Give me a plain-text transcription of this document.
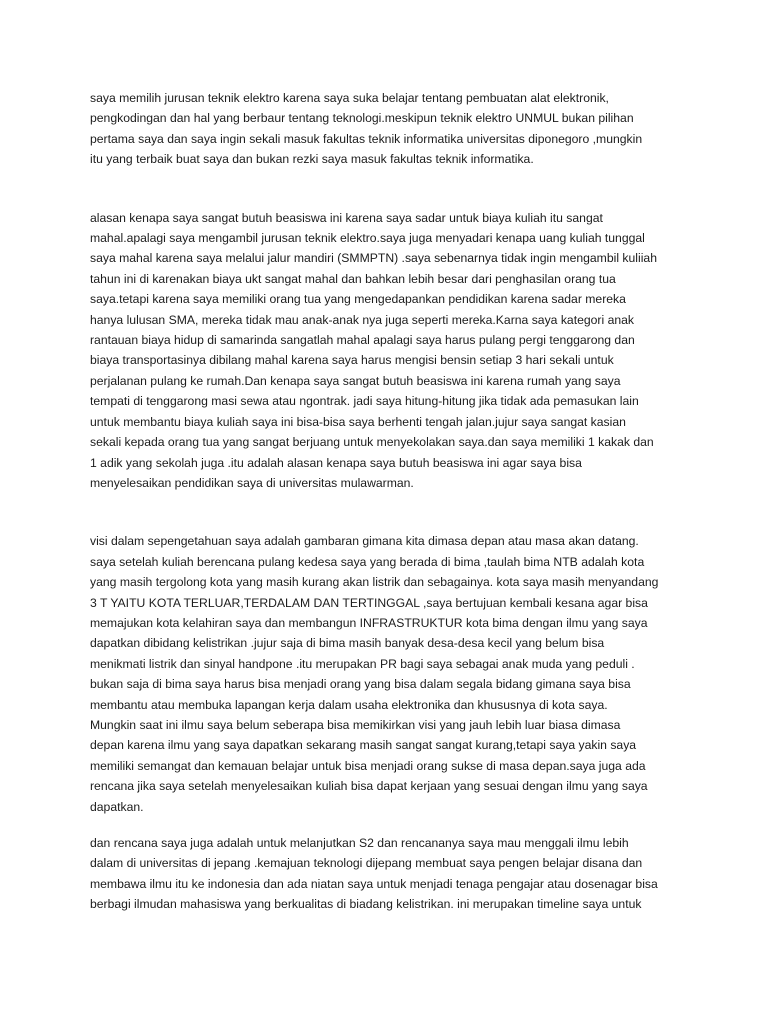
saya memilih jurusan teknik elektro karena saya suka belajar tentang pembuatan alat elektronik,
pengkodingan dan hal yang berbaur tentang teknologi.meskipun teknik elektro UNMUL bukan pilihan
pertama saya dan saya ingin sekali masuk fakultas teknik informatika universitas diponegoro ,mungkin
itu yang terbaik buat saya dan bukan rezki saya masuk fakultas teknik informatika.
alasan kenapa saya sangat butuh beasiswa ini karena saya sadar untuk biaya kuliah itu sangat
mahal.apalagi saya mengambil jurusan teknik elektro.saya juga menyadari kenapa uang kuliah tunggal
saya mahal karena saya melalui jalur mandiri (SMMPTN) .saya sebenarnya tidak ingin mengambil kuliiah
tahun ini di karenakan biaya ukt sangat mahal dan bahkan lebih besar dari penghasilan orang tua
saya.tetapi karena saya memiliki orang tua yang mengedapankan pendidikan karena sadar mereka
hanya lulusan SMA, mereka tidak mau anak-anak nya juga seperti mereka.Karna saya kategori anak
rantauan biaya hidup di samarinda sangatlah mahal apalagi saya harus pulang pergi tenggarong dan
biaya transportasinya dibilang mahal karena saya harus mengisi bensin setiap 3 hari sekali untuk
perjalanan pulang ke rumah.Dan kenapa saya sangat butuh beasiswa ini karena rumah yang saya
tempati di tenggarong masi sewa atau ngontrak. jadi saya hitung-hitung jika tidak ada pemasukan lain
untuk membantu biaya kuliah saya ini bisa-bisa saya berhenti tengah jalan.jujur saya sangat kasian
sekali kepada orang tua yang sangat berjuang untuk menyekolakan saya.dan saya memiliki 1 kakak dan
1 adik yang sekolah juga .itu adalah alasan kenapa saya butuh beasiswa ini agar saya bisa
menyelesaikan pendidikan saya di universitas mulawarman.
visi dalam sepengetahuan saya adalah gambaran gimana kita dimasa depan atau masa akan datang.
saya setelah kuliah berencana pulang kedesa saya yang berada di bima ,taulah bima NTB adalah kota
yang masih tergolong kota yang masih kurang akan listrik dan sebagainya. kota saya masih menyandang
3 T YAITU KOTA TERLUAR,TERDALAM DAN TERTINGGAL ,saya bertujuan kembali kesana agar bisa
memajukan kota kelahiran saya dan membangun INFRASTRUKTUR kota bima dengan ilmu yang saya
dapatkan dibidang kelistrikan .jujur saja di bima masih banyak desa-desa kecil yang belum bisa
menikmati listrik dan sinyal handpone .itu merupakan PR bagi saya sebagai anak muda yang peduli .
bukan saja di bima saya harus bisa menjadi orang yang bisa dalam segala bidang gimana saya bisa
membantu atau membuka lapangan kerja dalam usaha elektronika dan khususnya di kota saya.
Mungkin saat ini ilmu saya belum seberapa bisa memikirkan visi yang jauh lebih luar biasa dimasa
depan karena ilmu yang saya dapatkan sekarang masih sangat sangat kurang,tetapi saya yakin saya
memiliki semangat dan kemauan belajar untuk bisa menjadi orang sukse di masa depan.saya juga ada
rencana jika saya setelah menyelesaikan kuliah bisa dapat kerjaan yang sesuai dengan ilmu yang saya
dapatkan.
dan rencana saya juga adalah untuk melanjutkan S2 dan rencananya saya mau menggali ilmu lebih
dalam di universitas di jepang .kemajuan teknologi dijepang membuat saya pengen belajar disana dan
membawa ilmu itu ke indonesia dan ada niatan saya untuk menjadi tenaga pengajar atau dosenagar bisa
berbagi ilmudan mahasiswa yang berkualitas di biadang kelistrikan. ini merupakan timeline saya untuk
